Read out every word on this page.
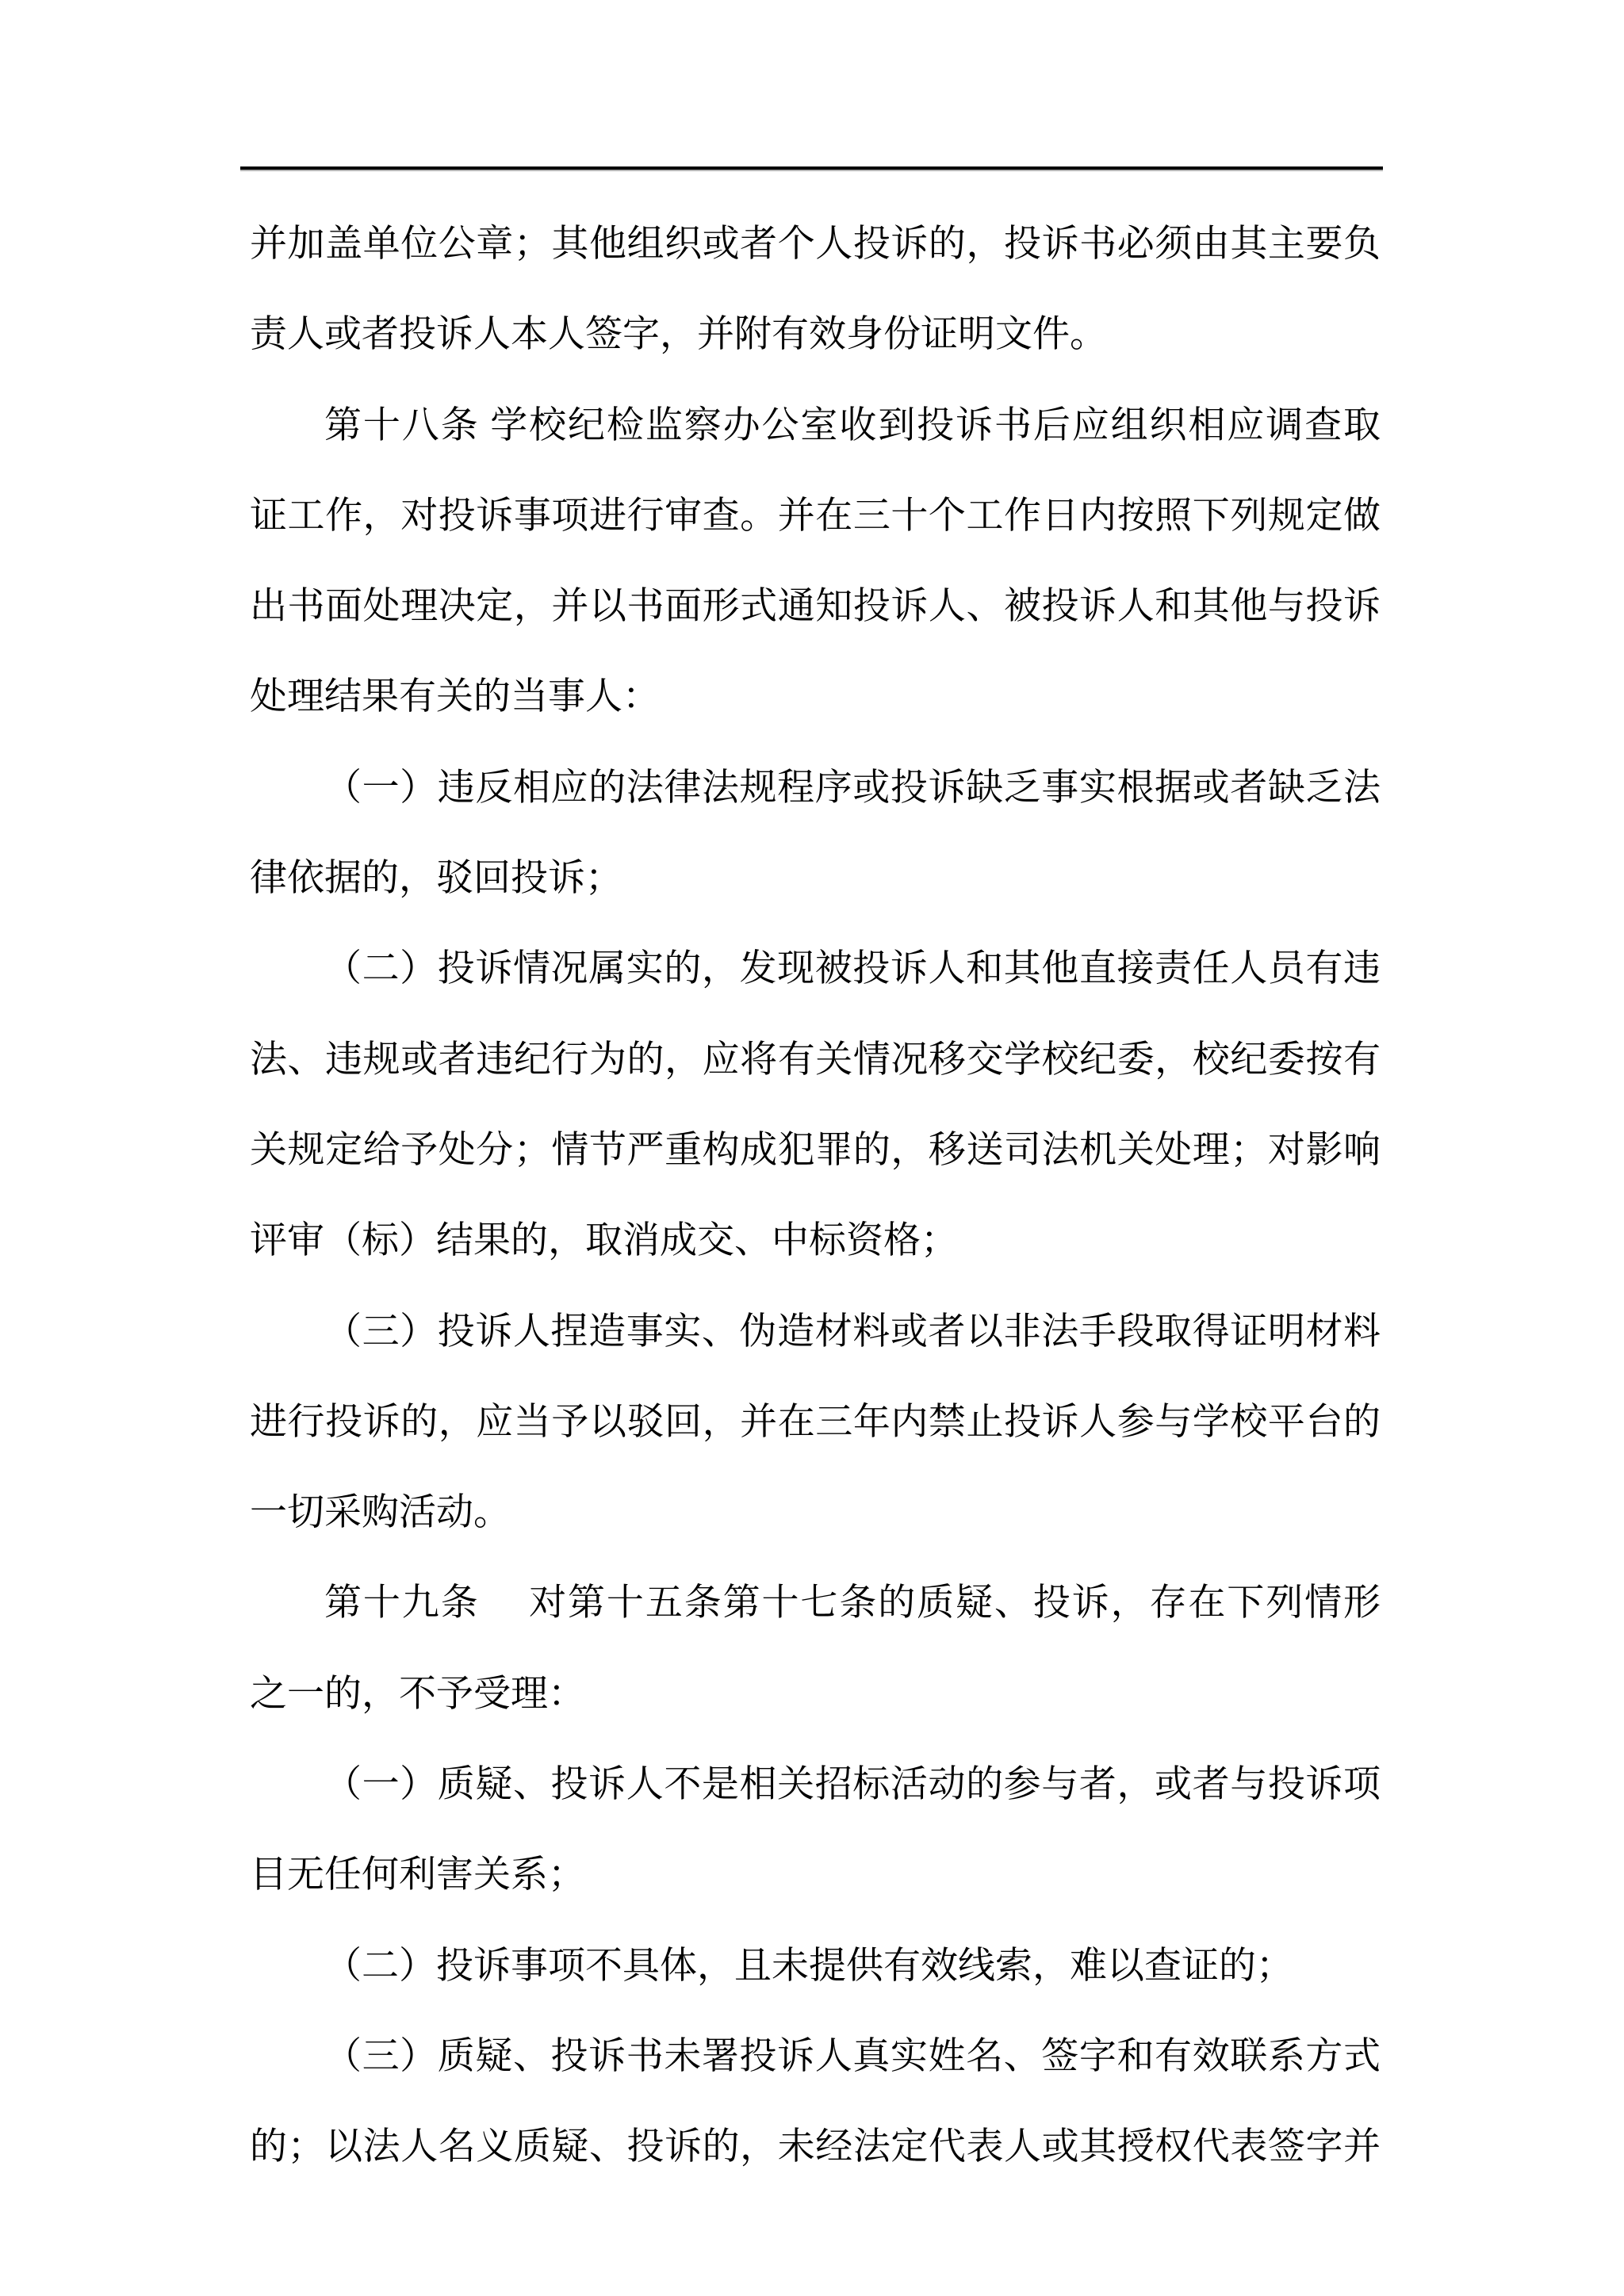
并加盖单位公章；其他组织或者个人投诉的，投诉书必须由其主要负
责人或者投诉人本人签字，并附有效身份证明文件。
第十八条 学校纪检监察办公室收到投诉书后应组织相应调查取
证工作，对投诉事项进行审查。并在三十个工作日内按照下列规定做
出书面处理决定，并以书面形式通知投诉人、被投诉人和其他与投诉
处理结果有关的当事人：
（一）违反相应的法律法规程序或投诉缺乏事实根据或者缺乏法
律依据的，驳回投诉；
（二）投诉情况属实的，发现被投诉人和其他直接责任人员有违
法、违规或者违纪行为的，应将有关情况移交学校纪委，校纪委按有
关规定给予处分；情节严重构成犯罪的，移送司法机关处理；对影响
评审（标）结果的，取消成交、中标资格；
（三）投诉人捏造事实、伪造材料或者以非法手段取得证明材料
进行投诉的，应当予以驳回，并在三年内禁止投诉人参与学校平台的
一切采购活动。
第十九条　 对第十五条第十七条的质疑、投诉，存在下列情形
之一的，不予受理：
（一）质疑、投诉人不是相关招标活动的参与者，或者与投诉项
目无任何利害关系；
（二）投诉事项不具体，且未提供有效线索，难以查证的；
（三）质疑、投诉书未署投诉人真实姓名、签字和有效联系方式
的；以法人名义质疑、投诉的，未经法定代表人或其授权代表签字并
